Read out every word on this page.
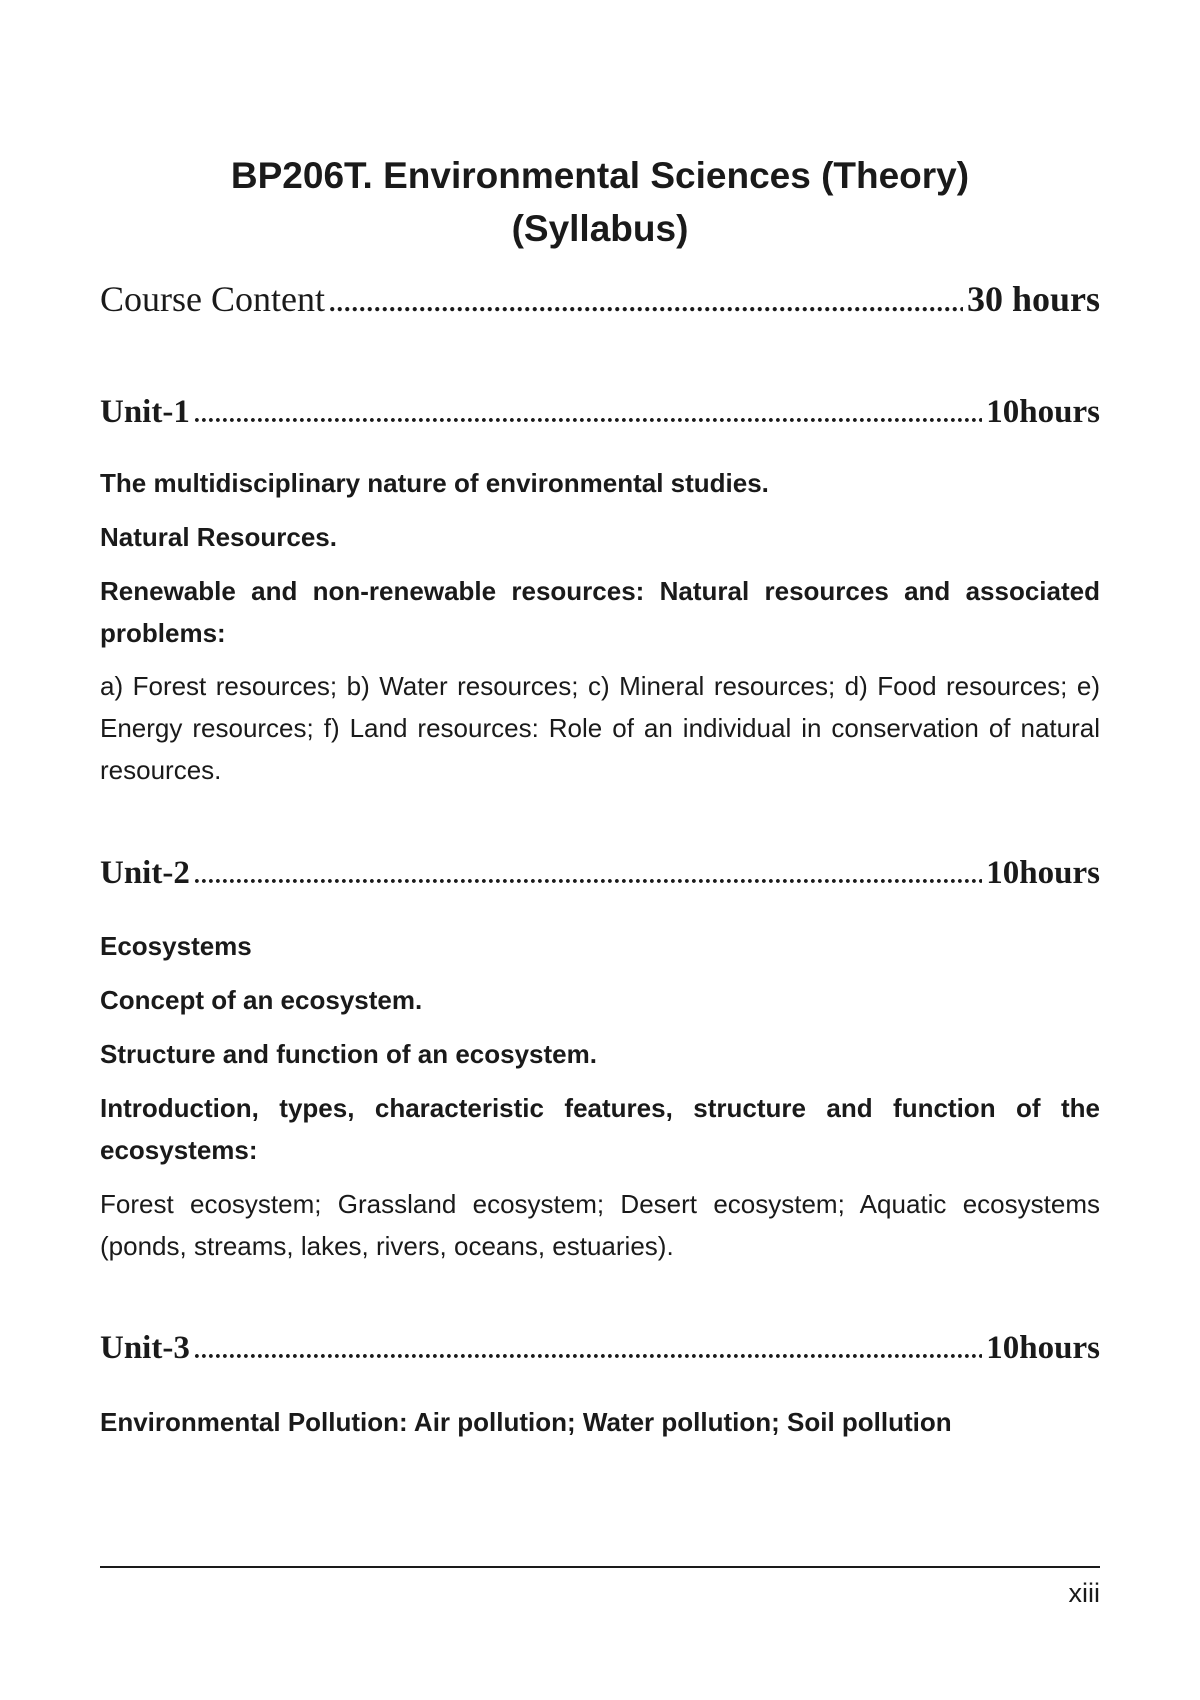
BP206T. Environmental Sciences (Theory)
(Syllabus)
Course Content .....	30 hours
Unit-1 .....	10hours

The multidisciplinary nature of environmental studies.

Natural Resources.

Renewable and non-renewable resources: Natural resources and associated problems:

a) Forest resources; b) Water resources; c) Mineral resources; d) Food resources; e) Energy resources; f) Land resources: Role of an individual in conservation of natural resources.

Unit-2 .....	10hours

Ecosystems

Concept of an ecosystem.

Structure and function of an ecosystem.

Introduction, types, characteristic features, structure and function of the ecosystems:

Forest ecosystem; Grassland ecosystem; Desert ecosystem; Aquatic ecosystems (ponds, streams, lakes, rivers, oceans, estuaries).

Unit-3 .....	10hours

Environmental Pollution: Air pollution; Water pollution; Soil pollution

xiii
